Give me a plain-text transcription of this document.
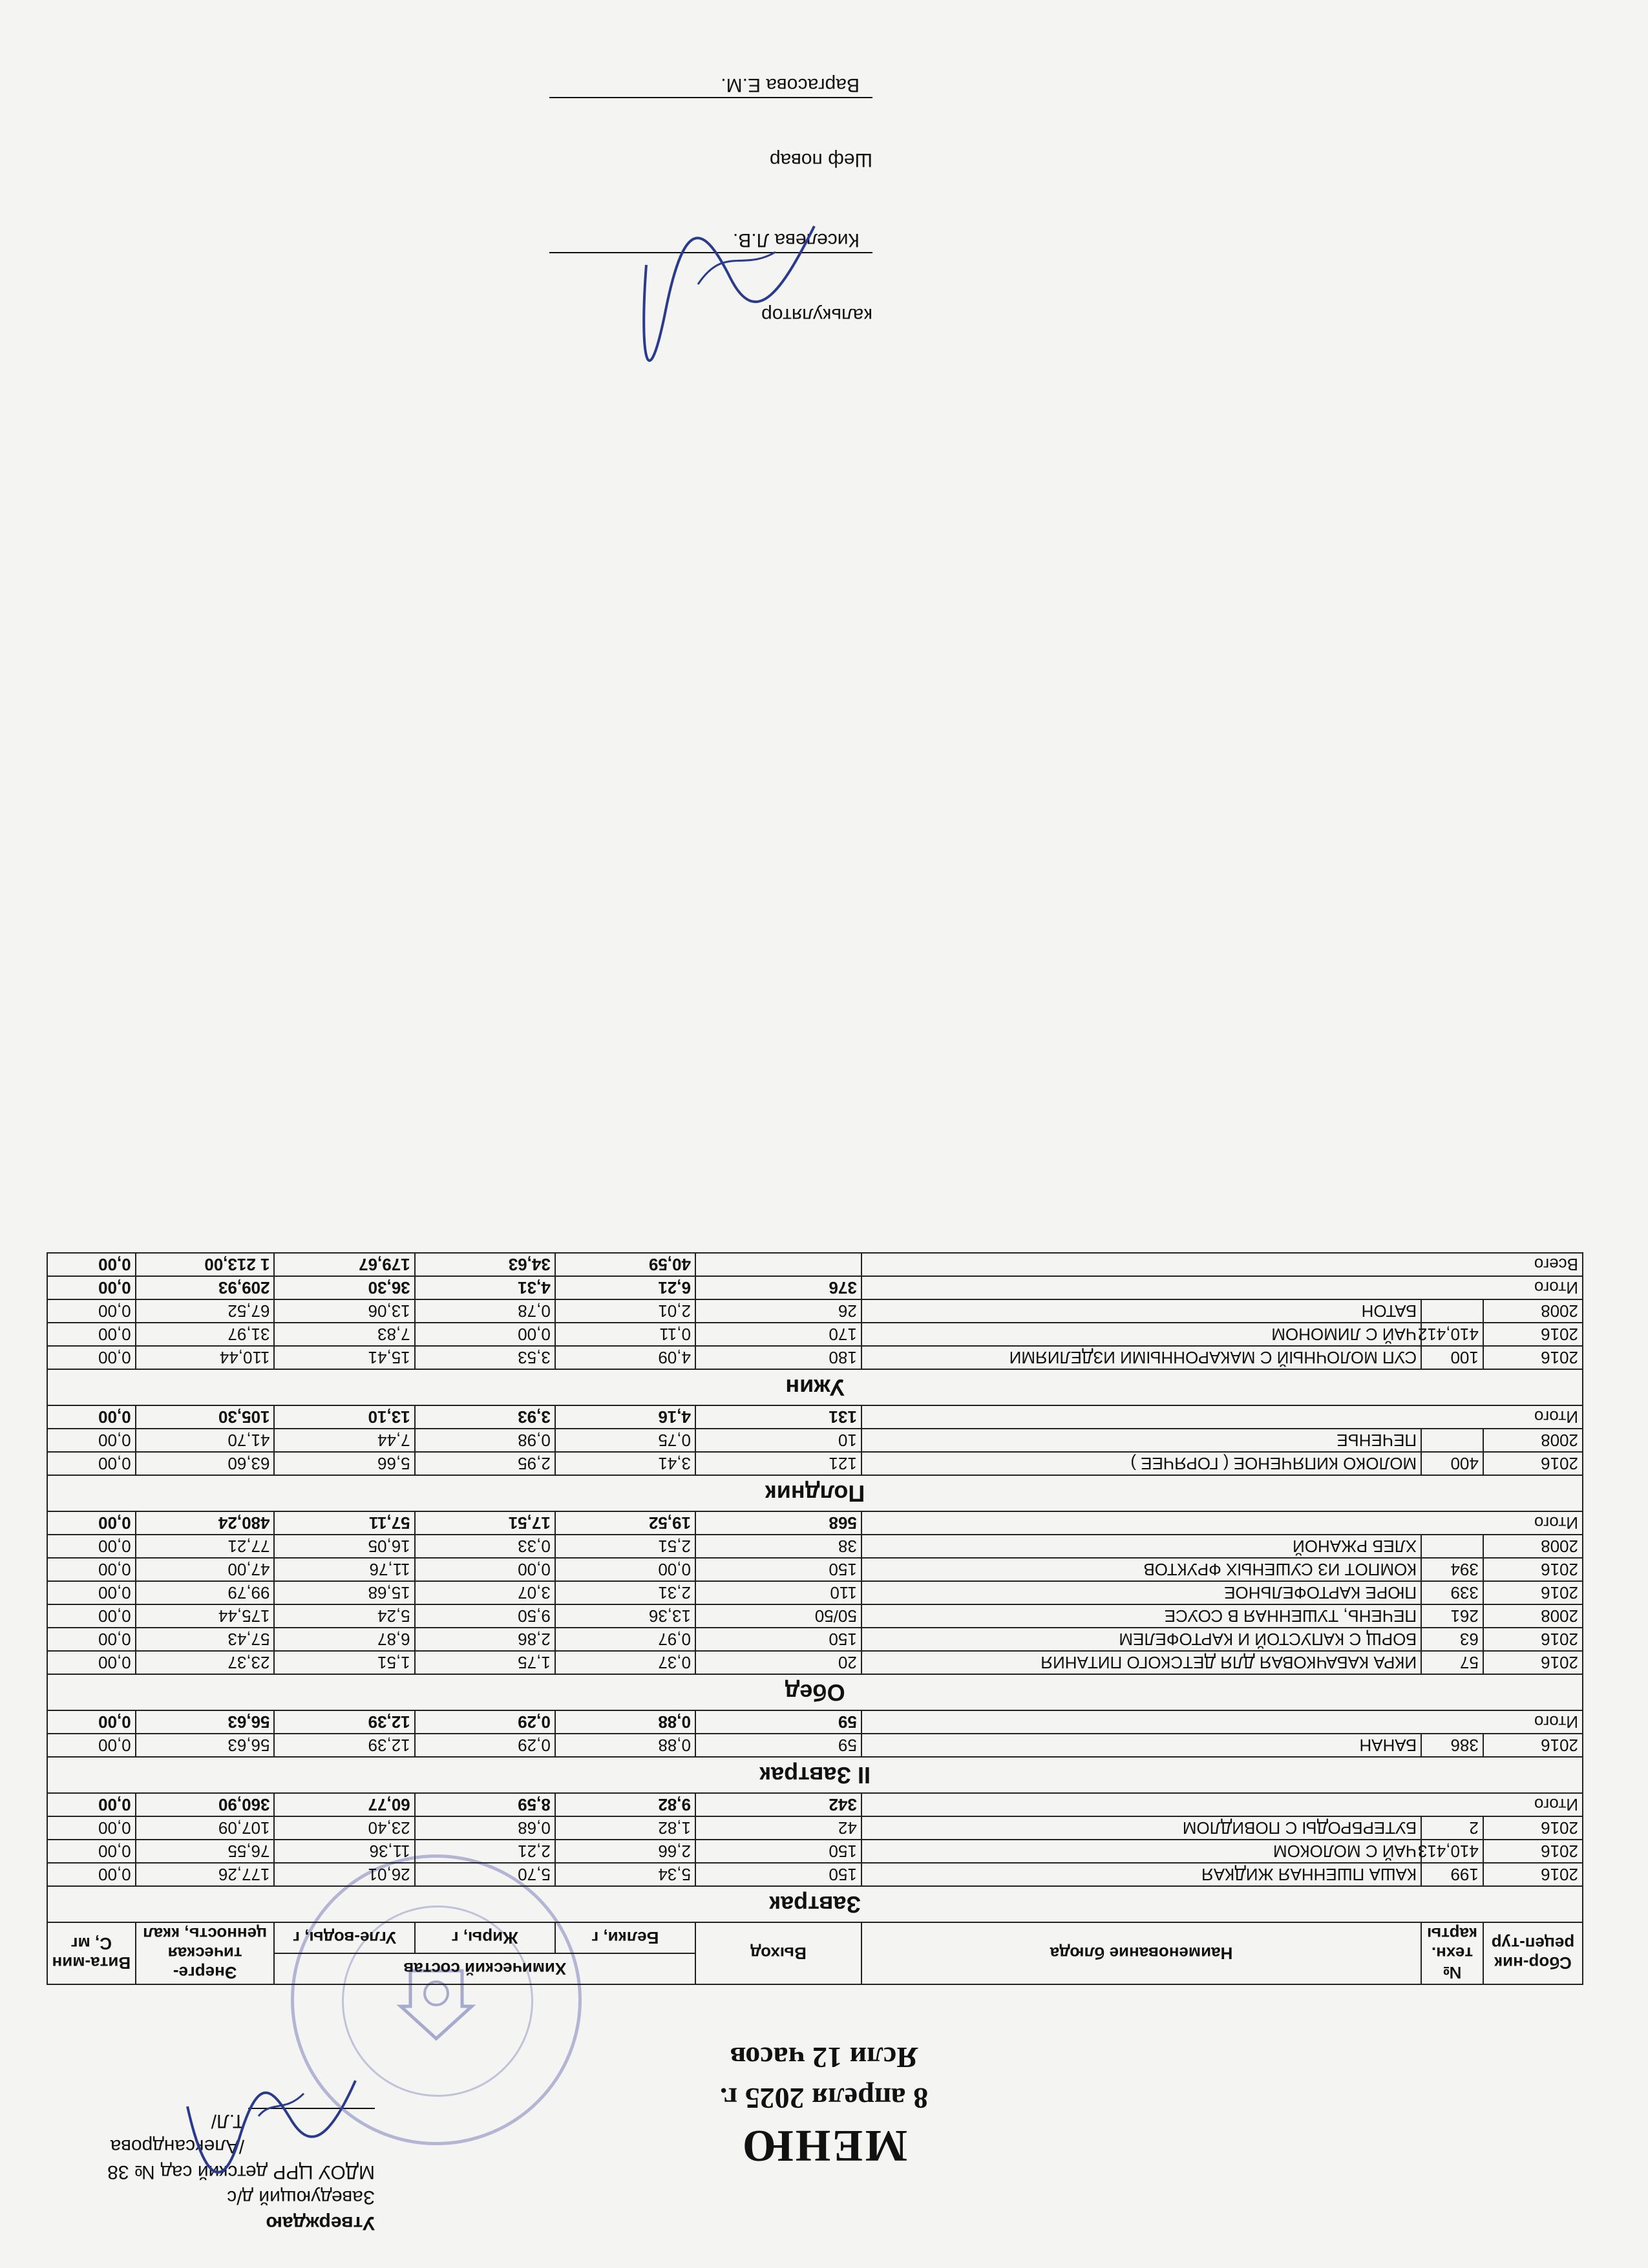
Утверждаю
Заведующий д/с
МДОУ ЦРР детский сад № 38
/Александрова Т.Л/	МЕНЮ
8 апреля 2025 г.
Ясли 12 часов
Сбор-ник рецеп-тур	№ техн. карты	Наименование блюда	Выход	Химический состав			Энерге-тическая ценность, ккал	Вита-мин С, мг
				Белки, г	Жиры, г	Угле-воды, г		
Завтрак								
2016	199	КАША ПШЕННАЯ ЖИДКАЯ	150	5,34	5,70	26,01	177,26	0,00
2016	410,413	ЧАЙ С МОЛОКОМ	150	2,66	2,21	11,36	76,55	0,00
2016	2	БУТЕРБРОДЫ С ПОВИДЛОМ	42	1,82	0,68	23,40	107,09	0,00
Итого			342	9,82	8,59	60,77	360,90	0,00
II Завтрак								
2016	386	БАНАН	59	0,88	0,29	12,39	56,63	0,00
Итого			59	0,88	0,29	12,39	56,63	0,00
Обед								
2016	57	ИКРА КАБАЧКОВАЯ ДЛЯ ДЕТСКОГО ПИТАНИЯ	20	0,37	1,75	1,51	23,37	0,00
2016	63	БОРЩ С КАПУСТОЙ И КАРТОФЕЛЕМ	150	0,97	2,86	6,87	57,43	0,00
2008	261	ПЕЧЕНЬ, ТУШЕННАЯ В СОУСЕ	50/50	13,36	9,50	5,24	175,44	0,00
2016	339	ПЮРЕ КАРТОФЕЛЬНОЕ	110	2,31	3,07	15,68	99,79	0,00
2016	394	КОМПОТ ИЗ СУШЕНЫХ ФРУКТОВ	150	0,00	0,00	11,76	47,00	0,00
2008		ХЛЕБ РЖАНОЙ	38	2,51	0,33	16,05	77,21	0,00
Итого			568	19,52	17,51	57,11	480,24	0,00
Полдник								
2016	400	МОЛОКО КИПЯЧЕНОЕ ( ГОРЯЧЕЕ )	121	3,41	2,95	5,66	63,60	0,00
2008		ПЕЧЕНЬЕ	10	0,75	0,98	7,44	41,70	0,00
Итого			131	4,16	3,93	13,10	105,30	0,00
Ужин								
2016	100	СУП МОЛОЧНЫЙ С МАКАРОННЫМИ ИЗДЕЛИЯМИ	180	4,09	3,53	15,41	110,44	0,00
2016	410,412	ЧАЙ С ЛИМОНОМ	170	0,11	0,00	7,83	31,97	0,00
2008		БАТОН	26	2,01	0,78	13,06	67,52	0,00
Итого			376	6,21	4,31	36,30	209,93	0,00
Всего				40,59	34,63	179,67	1 213,00	0,00
калькулятор
Киселева Л.В.
Шеф повар
Варгасова Е.М.
